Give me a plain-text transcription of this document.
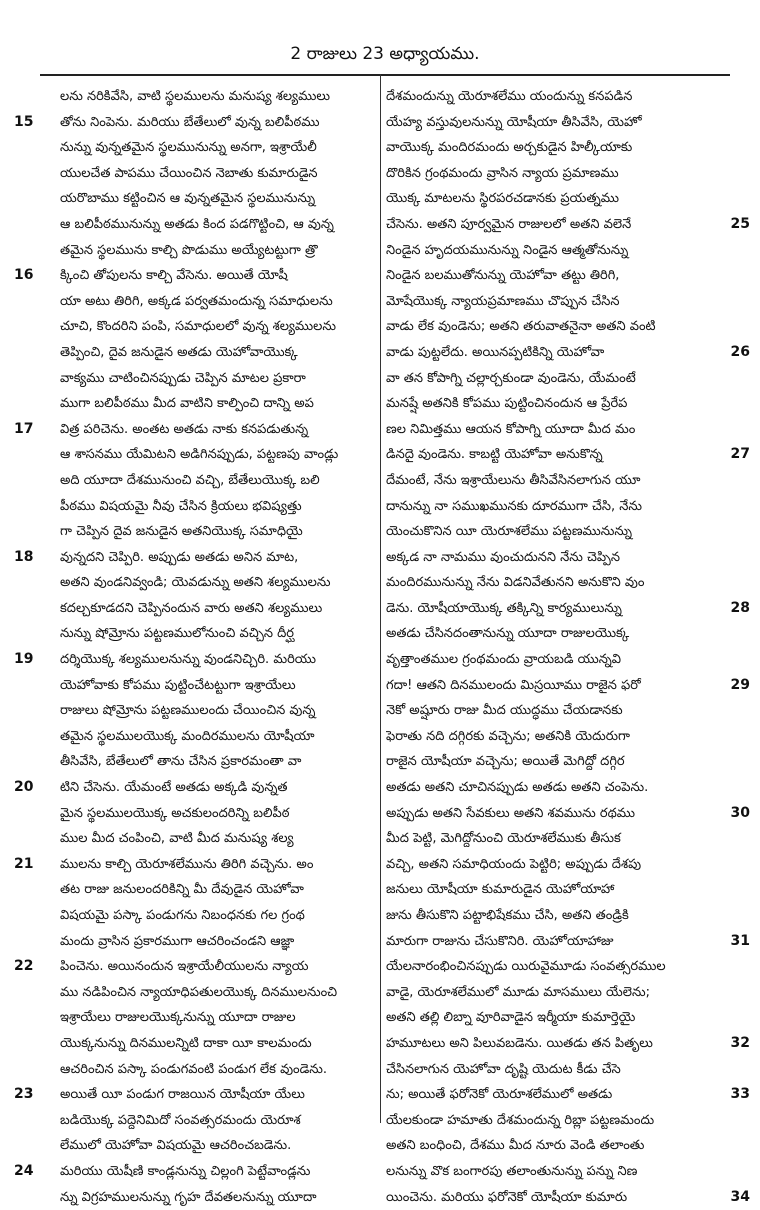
2 రాజులు 23 అధ్యాయము.
లను నరికివేసి, వాటి స్థలములను మనుష్య శల్యములు
15 తోను నింపెను. మరియు బేతేలులో వున్న బలిపీఠము
నున్ను వున్నతమైన స్థలమునున్ను అనగా, ఇశ్రాయేలీ
యులచేత పాపము చేయించిన నెబాతు కుమారుడైన
యరొబాము కట్టించిన ఆ వున్నతమైన స్థలమునున్ను
ఆ బలిపీఠమునున్ను అతడు కింద పడగొట్టించి, ఆ వున్న
తమైన స్థలమును కాల్చి పొడుము అయ్యేటట్టుగా త్రొ
16 క్కించి తోపులను కాల్చి వేసెను. అయితే యోషీ
యా అటు తిరిగి, అక్కడ పర్వతమందున్న సమాధులను
చూచి, కొందరిని పంపి, సమాధులలో వున్న శల్యములను
తెప్పించి, దైవ జనుడైన అతడు యెహోవాయొక్క
వాక్యము చాటించినప్పుడు చెప్పిన మాటల ప్రకారా
ముగా బలిపీఠము మీద వాటిని కాల్పించి దాన్ని అప
17 విత్ర పరిచెను. అంతట అతడు నాకు కనపడుతున్న
ఆ శాసనము యేమిటని అడిగినప్పుడు, పట్టణపు వాండ్లు
అది యూదా దేశమునుంచి వచ్చి, బేతేలుయొక్క బలి
పీఠము విషయమై నీవు చేసిన క్రియలు భవిష్యత్తు
గా చెప్పిన దైవ జనుడైన అతనియొక్క సమాధియై
18 వున్నదని చెప్పిరి. అప్పుడు అతడు అనిన మాట,
అతని వుండనివ్వండి; యెవడున్ను అతని శల్యములను
కదల్చకూడదని చెప్పినందున వారు అతని శల్యములు
నున్ను షోమ్రోను పట్టణములోనుంచి వచ్చిన దీర్ఘ
19 దర్శియొక్క శల్యములనున్ను వుండనిచ్చిరి. మరియు
యెహోవాకు కోపము పుట్టించేటట్టుగా ఇశ్రాయేలు
రాజులు షోమ్రోను పట్టణములందు చేయించిన వున్న
తమైన స్థలములయొక్క మందిరములను యోషీయా
తీసివేసి, బేతేలులో తాను చేసిన ప్రకారమంతా వా
20 టిని చేసెను. యేమంటే అతడు అక్కడి వున్నత
మైన స్థలములయొక్క అచకులందరిన్ని బలిపీఠ
ముల మీద చంపించి, వాటి మీద మనుష్య శల్య
21 ములను కాల్చి యెరూశలేమును తిరిగి వచ్చెను. అం
తట రాజు జనులందరికిన్ని మీ దేవుడైన యెహోవా
విషయమై పస్కా పండుగను నిబంధనకు గల గ్రంథ
మందు వ్రాసిన ప్రకారముగా ఆచరించండని ఆజ్ఞా
22 పించెను. అయినందున ఇశ్రాయేలీయులను న్యాయ
ము నడిపించిన న్యాయాధిపతులయొక్క దినములనుంచి
ఇశ్రాయేలు రాజులయొక్కనున్ను యూదా రాజుల
యొక్కనున్ను దినములన్నిటి దాకా యీ కాలమందు
ఆచరించిన పస్కా పండుగవంటి పండుగ లేక వుండెను.
23 అయితే యీ పండుగ రాజయిన యోషీయా యేలు
బడియొక్క పద్దెనిమిదో సంవత్సరమందు యెరూశ
లేములో యెహోవా విషయమై ఆచరించబడెను.
24 మరియు యెషీణి కాండ్లనున్ను చిల్లంగి పెట్టేవాండ్లను
న్ను విగ్రహములనున్ను గృహ దేవతలనున్ను యూదా
దేశమందున్ను యెరూశలేము యందున్ను కనపడిన
యేహ్య వస్తువులనున్ను యోషీయా తీసివేసి, యెహో
వాయొక్క మందిరమందు అర్చకుడైన హిల్కీయాకు
దొరికిన గ్రంథమందు వ్రాసిన న్యాయ ప్రమాణము
యొక్క మాటలను స్థిరపరచడానకు ప్రయత్నము
25
చేసెను. అతని పూర్వమైన రాజులలో అతని వలెనే
నిండైన హృదయమునున్ను నిండైన ఆత్మతోనున్ను
నిండైన బలముతోనున్ను యెహోవా తట్టు తిరిగి,
మోషేయొక్క న్యాయప్రమాణము చొప్పున చేసిన
వాడు లేక వుండెను; అతని తరువాతనైనా అతని వంటి
26
వాడు పుట్టలేదు. అయినప్పటికిన్ని యెహోవా
వా తన కోపాగ్ని చల్లార్చకుండా వుండెను, యేమంటే
మనష్షే అతనికి కోపము పుట్టించినందున ఆ ప్రేరేప
ణల నిమిత్తము ఆయన కోపాగ్ని యూదా మీద మం
27
డినదై వుండెను. కాబట్టి యెహోవా అనుకొన్న
దేమంటే, నేను ఇశ్రాయేలును తీసివేసినలాగున యూ
దానున్ను నా సముఖమునకు దూరముగా చేసి, నేను
యెంచుకొనిన యీ యెరూశలేము పట్టణమునున్ను
అక్కడ నా నామము వుంచుదునని నేను చెప్పిన
మందిరమునున్ను నేను విడనివేతునని అనుకొని వుం
28
డెను. యోషీయాయొక్క తక్కిన్ని కార్యములున్ను
అతడు చేసినదంతానున్ను యూదా రాజులయొక్క
వృత్తాంతముల గ్రంథమందు వ్రాయబడి యున్నవి
29
గదా! ఆతని దినములందు మిస్రయీము రాజైన ఫరో
నెకో అష్షూరు రాజు మీద యుద్ధము చేయడానకు
ఫెరాతు నది దగ్గిరకు వచ్చెను; అతనికి యెదురుగా
రాజైన యోషీయా వచ్చెను; అయితే మెగిద్దో దగ్గిర
అతడు అతని చూచినప్పుడు అతడు అతని చంపెను.
30
అప్పుడు అతని సేవకులు అతని శవమును రథము
మీద పెట్టి, మెగిద్దోనుంచి యెరూశలేముకు తీసుక
వచ్చి, అతని సమాధియందు పెట్టిరి; అప్పుడు దేశపు
జనులు యోషీయా కుమారుడైన యెహోయాహా
జును తీసుకొని పట్టాభిషేకము చేసి, అతని తండ్రికి
31
మారుగా రాజును చేసుకొనిరి. యెహోయాహాజు
యేలనారంభించినప్పుడు యిరువైమూడు సంవత్సరముల
వాడై, యెరూశలేములో మూడు మాసములు యేలెను;
అతని తల్లి లిబ్నా వూరివాడైన ఇర్మీయా కుమార్తెయై
32
హమూటలు అని పిలువబడెను. యితడు తన పితృలు
చేసినలాగున యెహోవా దృష్టి యెదుట కీడు చేసె
33
ను; అయితే ఫరోనెకో యెరూశలేములో అతడు
యేలకుండా హమాతు దేశమందున్న రిబ్లా పట్టణమందు
అతని బంధించి, దేశము మీద నూరు వెండి తలాంతు
లనున్ను వొక బంగారపు తలాంతునున్ను పన్ను నిణ
34
యించెను. మరియు ఫరోనెకో యోషీయా కుమారు
